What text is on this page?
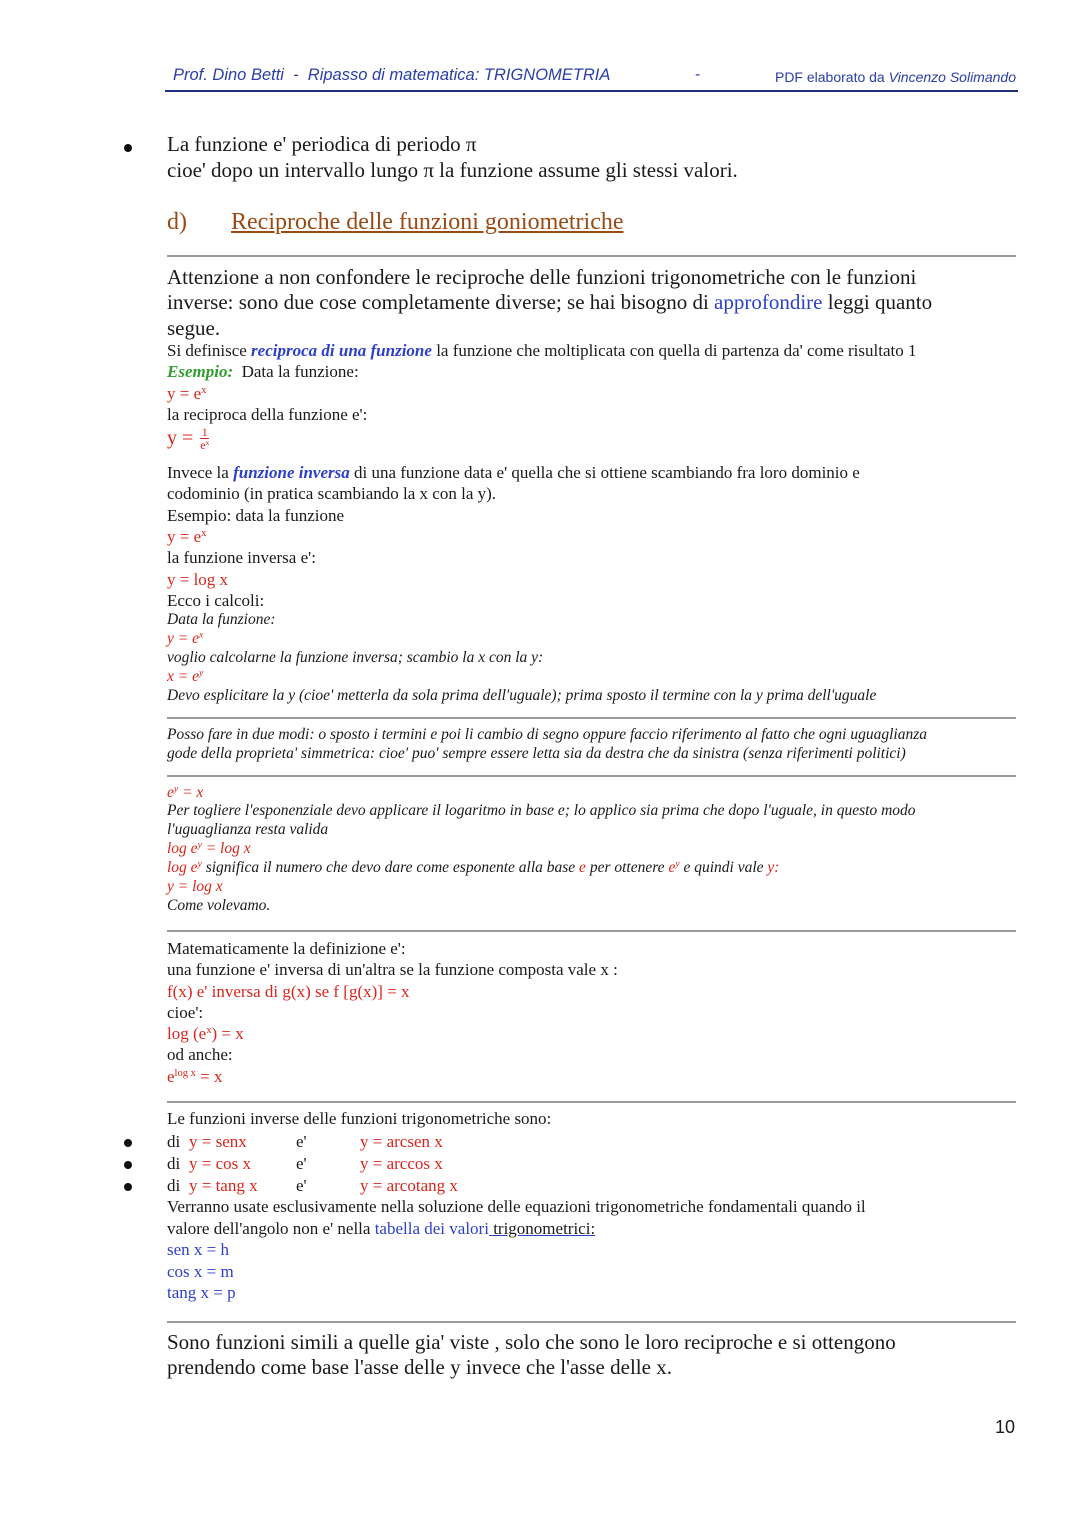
Prof. Dino Betti  -  Ripasso di matematica: TRIGNOMETRIA	-	PDF elaborato da Vincenzo Solimando
La funzione e' periodica di periodo π
cioe' dopo un intervallo lungo π la funzione assume gli stessi valori.
d) Reciproche delle funzioni goniometriche
Attenzione a non confondere le reciproche delle funzioni trigonometriche con le funzioni
inverse: sono due cose completamente diverse; se hai bisogno di approfondire leggi quanto
segue.
Si definisce reciproca di una funzione la funzione che moltiplicata con quella di partenza da' come risultato 1
Esempio:  Data la funzione:
$y = e^x$
la reciproca della funzione e':
$y = \frac{1}{e^x}$
Invece la funzione inversa di una funzione data e' quella che si ottiene scambiando fra loro dominio e
codominio (in pratica scambiando la x con la y).
Esempio: data la funzione
$y = e^x$
la funzione inversa e':
y = log x
Ecco i calcoli:
Data la funzione:
$y = e^x$
voglio calcolarne la funzione inversa; scambio la x con la y:
$x = e^y$
Devo esplicitare la y (cioe' metterla da sola prima dell'uguale); prima sposto il termine con la y prima dell'uguale
Posso fare in due modi: o sposto i termini e poi li cambio di segno oppure faccio riferimento al fatto che ogni uguaglianza
gode della proprieta' simmetrica: cioe' puo' sempre essere letta sia da destra che da sinistra (senza riferimenti politici)
$e^y = x$
Per togliere l'esponenziale devo applicare il logaritmo in base e; lo applico sia prima che dopo l'uguale, in questo modo
l'uguaglianza resta valida
$\log e^y = \log x$
$\log e^y$ significa il numero che devo dare come esponente alla base e per ottenere $e^y$ e quindi vale y:
y = log x
Come volevamo.
Matematicamente la definizione e':
una funzione e' inversa di un'altra se la funzione composta vale x :
f(x) e' inversa di g(x) se f [g(x)] = x
cioe':
$\log (e^x) = x$
od anche:
$e^{log x} = x$
Le funzioni inverse delle funzioni trigonometriche sono:
di y = senx	e'	y = arcsen x
di y = cos x	e'	y = arccos x
di y = tang x e'	y = arcotang x
Verranno usate esclusivamente nella soluzione delle equazioni trigonometriche fondamentali quando il
valore dell'angolo non e' nella tabella dei valori trigonometrici:
sen x = h
cos x = m
tang x = p
Sono funzioni simili a quelle gia' viste , solo che sono le loro reciproche e si ottengono
prendendo come base l'asse delle y invece che l'asse delle x.
10
